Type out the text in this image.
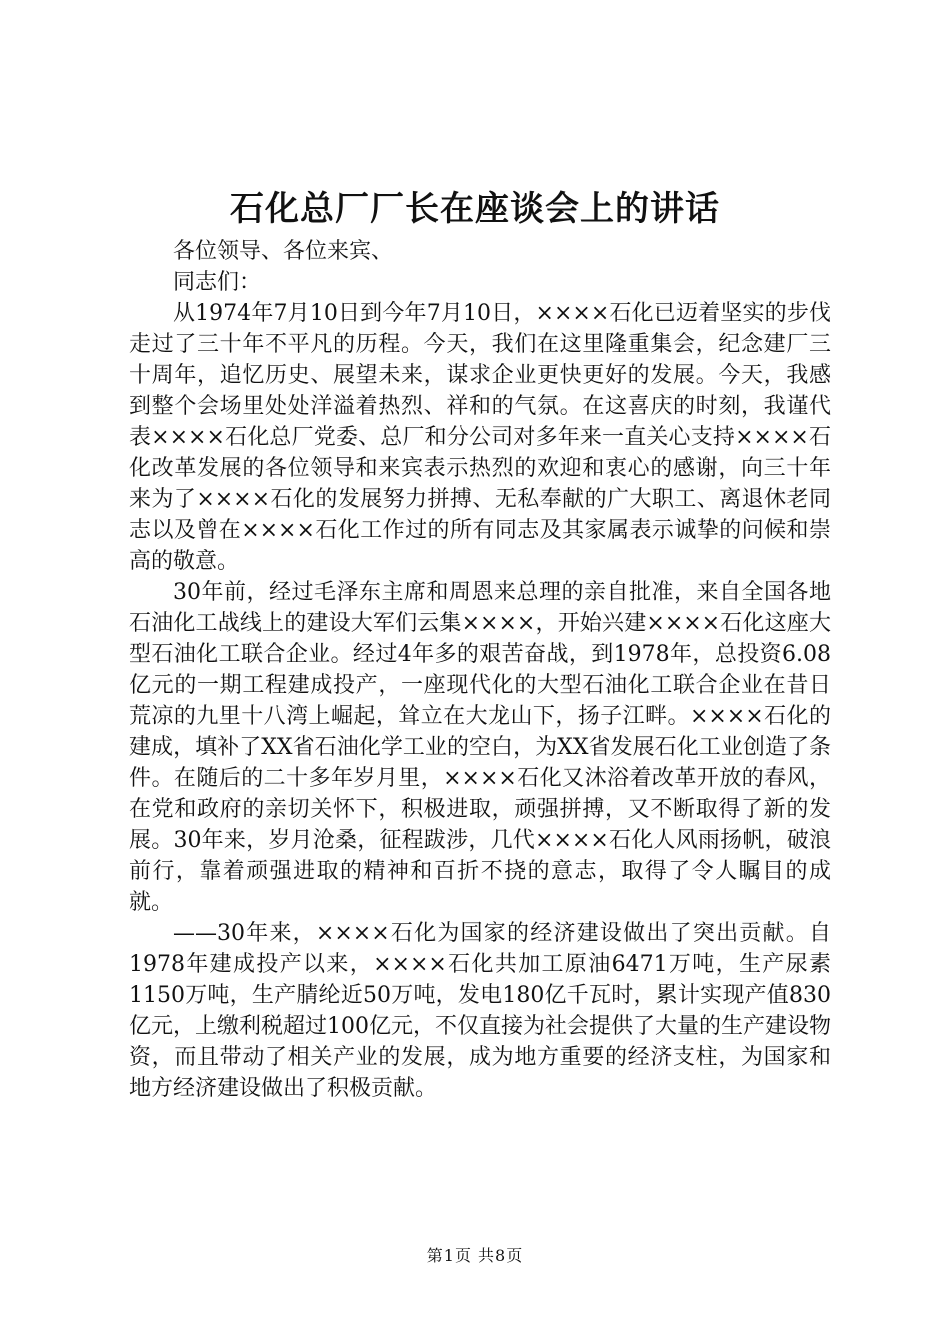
石化总厂厂长在座谈会上的讲话

各位领导、各位来宾、

同志们：

从1974年7月10日到今年7月10日，××××石化已迈着坚实的步伐走过了三十年不平凡的历程。今天，我们在这里隆重集会，纪念建厂三十周年，追忆历史、展望未来，谋求企业更快更好的发展。今天，我感到整个会场里处处洋溢着热烈、祥和的气氛。在这喜庆的时刻，我谨代表××××石化总厂党委、总厂和分公司对多年来一直关心支持××××石化改革发展的各位领导和来宾表示热烈的欢迎和衷心的感谢，向三十年来为了××××石化的发展努力拼搏、无私奉献的广大职工、离退休老同志以及曾在××××石化工作过的所有同志及其家属表示诚挚的问候和崇高的敬意。

30年前，经过毛泽东主席和周恩来总理的亲自批准，来自全国各地石油化工战线上的建设大军们云集××××，开始兴建××××石化这座大型石油化工联合企业。经过4年多的艰苦奋战，到1978年，总投资6.08亿元的一期工程建成投产，一座现代化的大型石油化工联合企业在昔日荒凉的九里十八湾上崛起，耸立在大龙山下，扬子江畔。××××石化的建成，填补了XX省石油化学工业的空白，为XX省发展石化工业创造了条件。在随后的二十多年岁月里，××××石化又沐浴着改革开放的春风，在党和政府的亲切关怀下，积极进取，顽强拼搏，又不断取得了新的发展。30年来，岁月沧桑，征程跋涉，几代××××石化人风雨扬帆，破浪前行，靠着顽强进取的精神和百折不挠的意志，取得了令人瞩目的成就。

——30年来，××××石化为国家的经济建设做出了突出贡献。自1978年建成投产以来，××××石化共加工原油6471万吨，生产尿素1150万吨，生产腈纶近50万吨，发电180亿千瓦时，累计实现产值830亿元，上缴利税超过100亿元，不仅直接为社会提供了大量的生产建设物资，而且带动了相关产业的发展，成为地方重要的经济支柱，为国家和地方经济建设做出了积极贡献。

第1页 共8页
